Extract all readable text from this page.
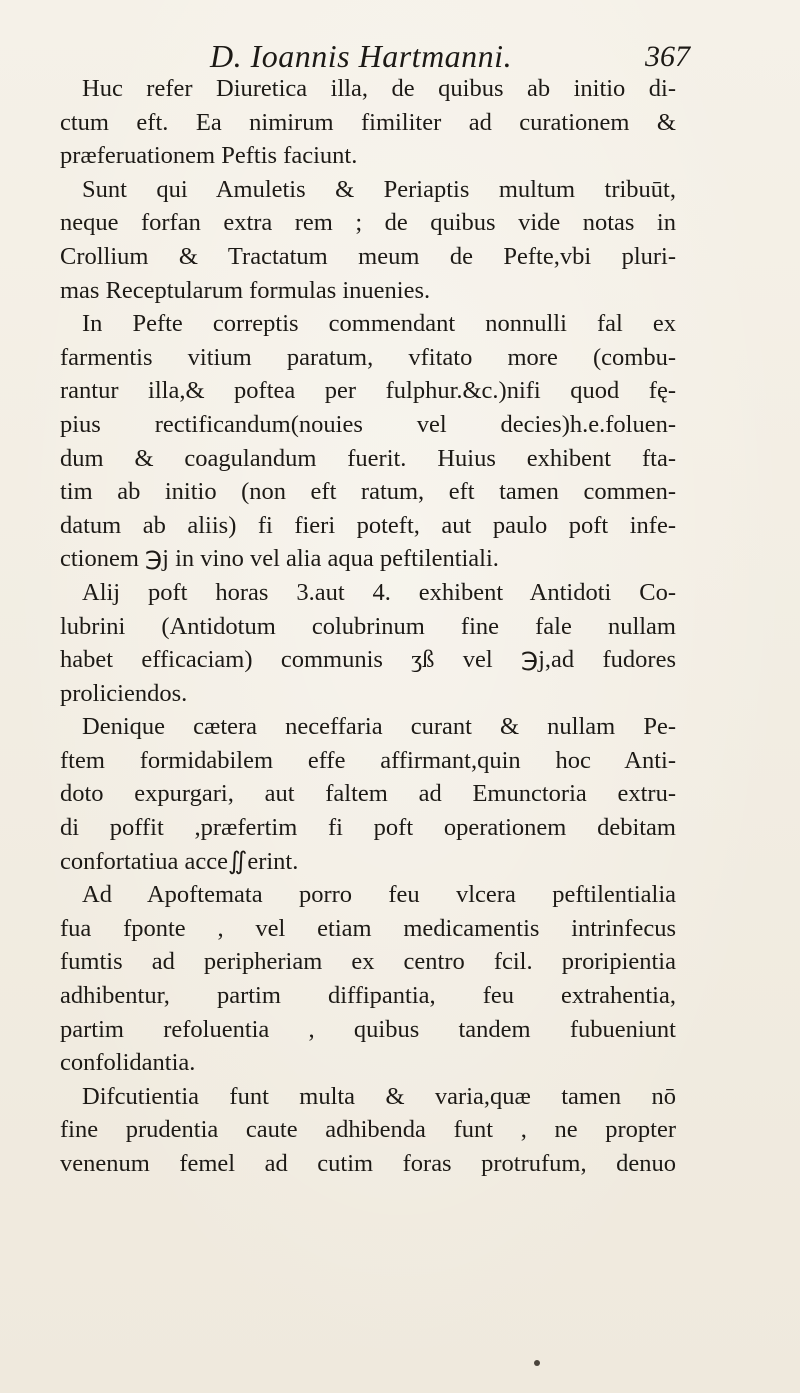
D. Ioannis Hartmanni.	367
Huc refer Diuretica illa, de quibus ab initio di-
ctum eft. Ea nimirum fimiliter ad curationem &
præferuationem Peftis faciunt.
Sunt qui Amuletis & Periaptis multum tribuūt,
neque forfan extra rem ; de quibus vide notas in
Crollium & Tractatum meum de Pefte,vbi pluri-
mas Receptularum formulas inuenies.
In Pefte correptis commendant nonnulli fal ex
farmentis vitium paratum, vfitato more (combu-
rantur illa,& poftea per fulphur.&c.)nifi quod fę-
pius rectificandum(nouies vel decies)h.e.foluen-
dum & coagulandum fuerit. Huius exhibent fta-
tim ab initio (non eft ratum, eft tamen commen-
datum ab aliis) fi fieri poteft, aut paulo poft infe-
ctionem ℈j in vino vel alia aqua peftilentiali.
Alij poft horas 3.aut 4. exhibent Antidoti Co-
lubrini (Antidotum colubrinum fine fale nullam
habet efficaciam) communis ʒß vel ℈j,ad fudores
proliciendos.
Denique cætera neceffaria curant & nullam Pe-
ftem formidabilem effe affirmant,quin hoc Anti-
doto expurgari, aut faltem ad Emunctoria extru-
di poffit ,præfertim fi poft operationem debitam
confortatiua acce∬erint.
Ad Apoftemata porro feu vlcera peftilentialia
fua fponte , vel etiam medicamentis intrinfecus
fumtis ad peripheriam ex centro fcil. proripientia
adhibentur, partim diffipantia, feu extrahentia,
partim refoluentia , quibus tandem fubueniunt
confolidantia.
Difcutientia funt multa & varia,quæ tamen nō
fine prudentia caute adhibenda funt , ne propter
venenum femel ad cutim foras protrufum, denuo
